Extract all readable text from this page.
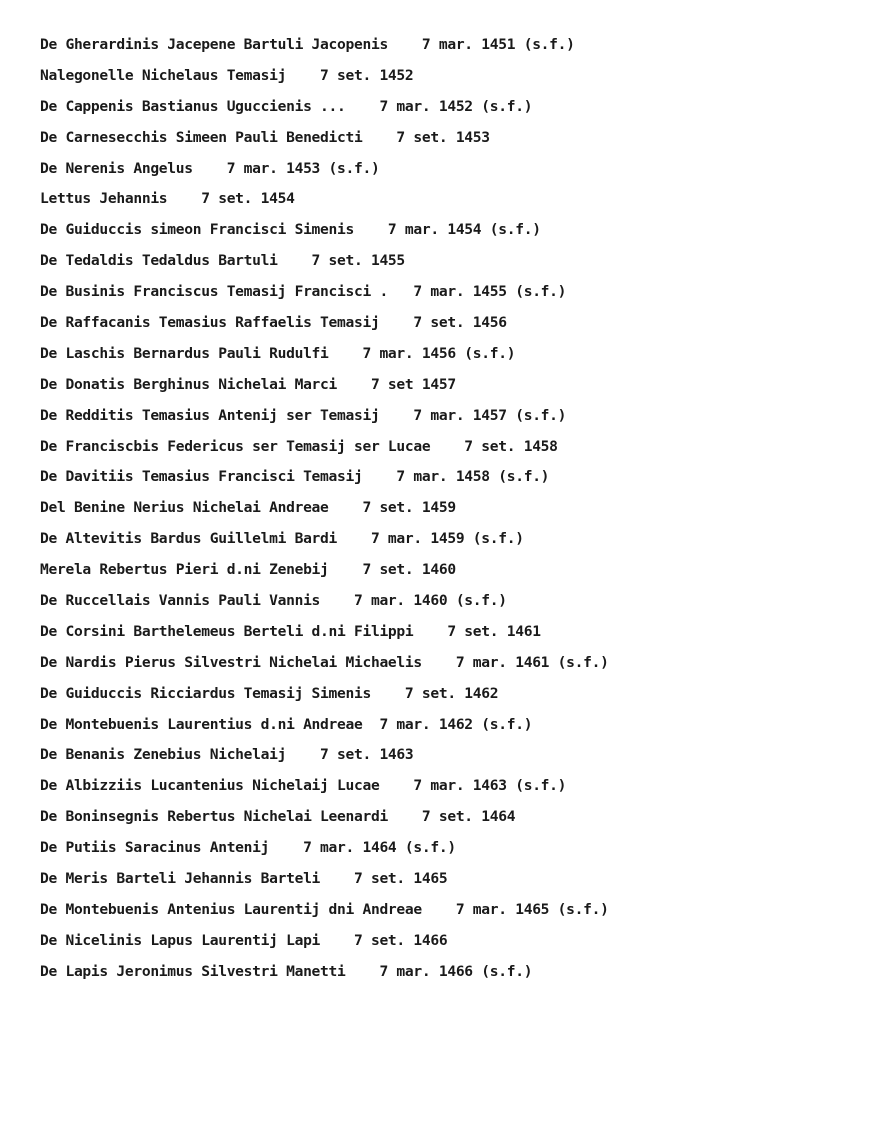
De Gherardinis Jacepene Bartuli Jacopenis    7 mar. 1451 (s.f.)
Nalegonelle Nichelaus Temasij    7 set. 1452
De Cappenis Bastianus Uguccienis ...    7 mar. 1452 (s.f.)
De Carnesecchis Simeen Pauli Benedicti    7 set. 1453
De Nerenis Angelus    7 mar. 1453 (s.f.)
Lettus Jehannis    7 set. 1454
De Guiduccis simeon Francisci Simenis    7 mar. 1454 (s.f.)
De Tedaldis Tedaldus Bartuli    7 set. 1455
De Businis Franciscus Temasij Francisci .   7 mar. 1455 (s.f.)
De Raffacanis Temasius Raffaelis Temasij    7 set. 1456
De Laschis Bernardus Pauli Rudulfi    7 mar. 1456 (s.f.)
De Donatis Berghinus Nichelai Marci    7 set 1457
De Redditis Temasius Antenij ser Temasij    7 mar. 1457 (s.f.)
De Franciscbis Federicus ser Temasij ser Lucae    7 set. 1458
De Davitiis Temasius Francisci Temasij    7 mar. 1458 (s.f.)
Del Benine Nerius Nichelai Andreae    7 set. 1459
De Altevitis Bardus Guillelmi Bardi    7 mar. 1459 (s.f.)
Merela Rebertus Pieri d.ni Zenebij    7 set. 1460
De Ruccellais Vannis Pauli Vannis    7 mar. 1460 (s.f.)
De Corsini Barthelemeus Berteli d.ni Filippi    7 set. 1461
De Nardis Pierus Silvestri Nichelai Michaelis    7 mar. 1461 (s.f.)
De Guiduccis Ricciardus Temasij Simenis    7 set. 1462
De Montebuenis Laurentius d.ni Andreae  7 mar. 1462 (s.f.)
De Benanis Zenebius Nichelaij    7 set. 1463
De Albizziis Lucantenius Nichelaij Lucae    7 mar. 1463 (s.f.)
De Boninsegnis Rebertus Nichelai Leenardi    7 set. 1464
De Putiis Saracinus Antenij    7 mar. 1464 (s.f.)
De Meris Barteli Jehannis Barteli    7 set. 1465
De Montebuenis Antenius Laurentij dni Andreae    7 mar. 1465 (s.f.)
De Nicelinis Lapus Laurentij Lapi    7 set. 1466
De Lapis Jeronimus Silvestri Manetti    7 mar. 1466 (s.f.)
